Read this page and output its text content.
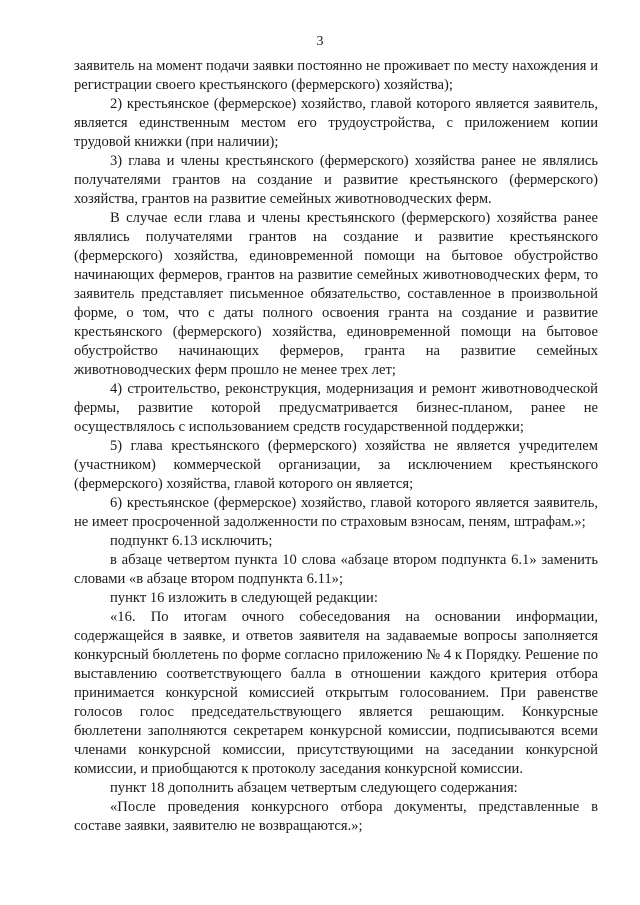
3

заявитель на момент подачи заявки постоянно не проживает по месту нахождения и регистрации своего крестьянского (фермерского) хозяйства);

2) крестьянское (фермерское) хозяйство, главой которого является заявитель, является единственным местом его трудоустройства, с приложением копии трудовой книжки (при наличии);

3) глава и члены крестьянского (фермерского) хозяйства ранее не являлись получателями грантов на создание и развитие крестьянского (фермерского) хозяйства, грантов на развитие семейных животноводческих ферм.

В случае если глава и члены крестьянского (фермерского) хозяйства ранее являлись получателями грантов на создание и развитие крестьянского (фермерского) хозяйства, единовременной помощи на бытовое обустройство начинающих фермеров, грантов на развитие семейных животноводческих ферм, то заявитель представляет письменное обязательство, составленное в произвольной форме, о том, что с даты полного освоения гранта на создание и развитие крестьянского (фермерского) хозяйства, единовременной помощи на бытовое обустройство начинающих фермеров, гранта на развитие семейных животноводческих ферм прошло не менее трех лет;

4) строительство, реконструкция, модернизация и ремонт животноводческой фермы, развитие которой предусматривается бизнес-планом, ранее не осуществлялось с использованием средств государственной поддержки;

5) глава крестьянского (фермерского) хозяйства не является учредителем (участником) коммерческой организации, за исключением крестьянского (фермерского) хозяйства, главой которого он является;

6) крестьянское (фермерское) хозяйство, главой которого является заявитель, не имеет просроченной задолженности по страховым взносам, пеням, штрафам.»;

подпункт 6.13 исключить;

в абзаце четвертом пункта 10 слова «абзаце втором подпункта 6.1» заменить словами «в абзаце втором подпункта 6.11»;

пункт 16 изложить в следующей редакции:

«16. По итогам очного собеседования на основании информации, содержащейся в заявке, и ответов заявителя на задаваемые вопросы заполняется конкурсный бюллетень по форме согласно приложению № 4 к Порядку. Решение по выставлению соответствующего балла в отношении каждого критерия отбора принимается конкурсной комиссией открытым голосованием. При равенстве голосов голос председательствующего является решающим. Конкурсные бюллетени заполняются секретарем конкурсной комиссии, подписываются всеми членами конкурсной комиссии, присутствующими на заседании конкурсной комиссии, и приобщаются к протоколу заседания конкурсной комиссии.

пункт 18 дополнить абзацем четвертым следующего содержания:

«После проведения конкурсного отбора документы, представленные в составе заявки, заявителю не возвращаются.»;
